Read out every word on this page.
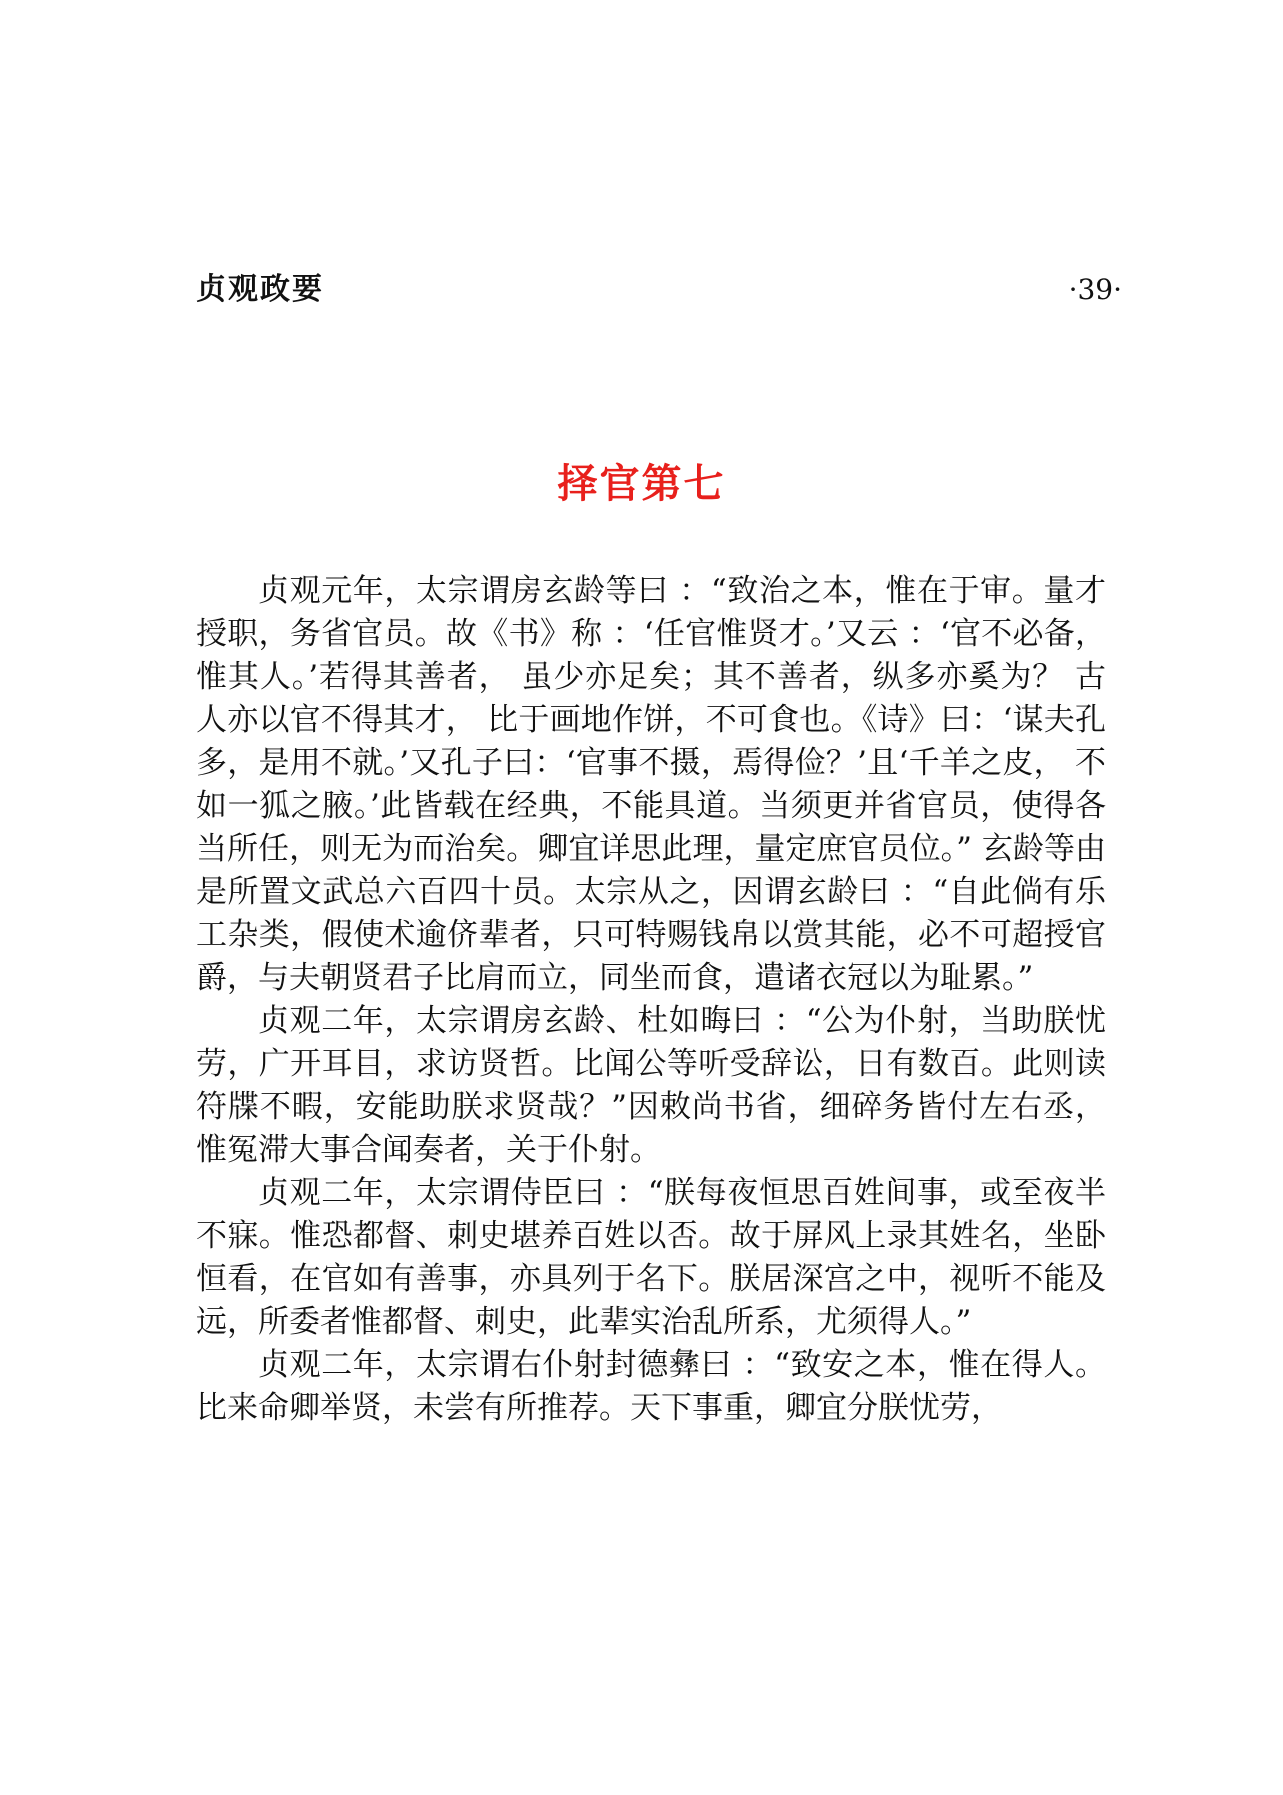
贞观政要	·39·
择官第七

贞观元年，太宗谓房玄龄等曰 ：“致治之本，惟在于审。量才授职，务省官员。故《书》称 ：‘任官惟贤才。’又云 ：‘官不必备，惟其人。’若得其善者， 虽少亦足矣；其不善者，纵多亦奚为？ 古人亦以官不得其才， 比于画地作饼，不可食也。《诗》曰：‘谋夫孔多，是用不就。’又孔子曰：‘官事不摄，焉得俭？’且‘千羊之皮， 不如一狐之腋。’此皆载在经典，不能具道。当须更并省官员，使得各当所任，则无为而治矣。卿宜详思此理，量定庶官员位。” 玄龄等由是所置文武总六百四十员。太宗从之，因谓玄龄曰 ：“自此倘有乐工杂类，假使术逾侪辈者，只可特赐钱帛以赏其能，必不可超授官爵，与夫朝贤君子比肩而立，同坐而食，遣诸衣冠以为耻累。”

贞观二年，太宗谓房玄龄、杜如晦曰 ：“公为仆射，当助朕忧劳，广开耳目，求访贤哲。比闻公等听受辞讼，日有数百。此则读符牒不暇，安能助朕求贤哉？”因敕尚书省，细碎务皆付左右丞，惟冤滞大事合闻奏者，关于仆射。

贞观二年，太宗谓侍臣曰 ：“朕每夜恒思百姓间事，或至夜半不寐。惟恐都督、刺史堪养百姓以否。故于屏风上录其姓名，坐卧恒看，在官如有善事，亦具列于名下。朕居深宫之中，视听不能及远，所委者惟都督、刺史，此辈实治乱所系，尤须得人。”

贞观二年，太宗谓右仆射封德彝曰 ：“致安之本，惟在得人。比来命卿举贤，未尝有所推荐。天下事重，卿宜分朕忧劳，
